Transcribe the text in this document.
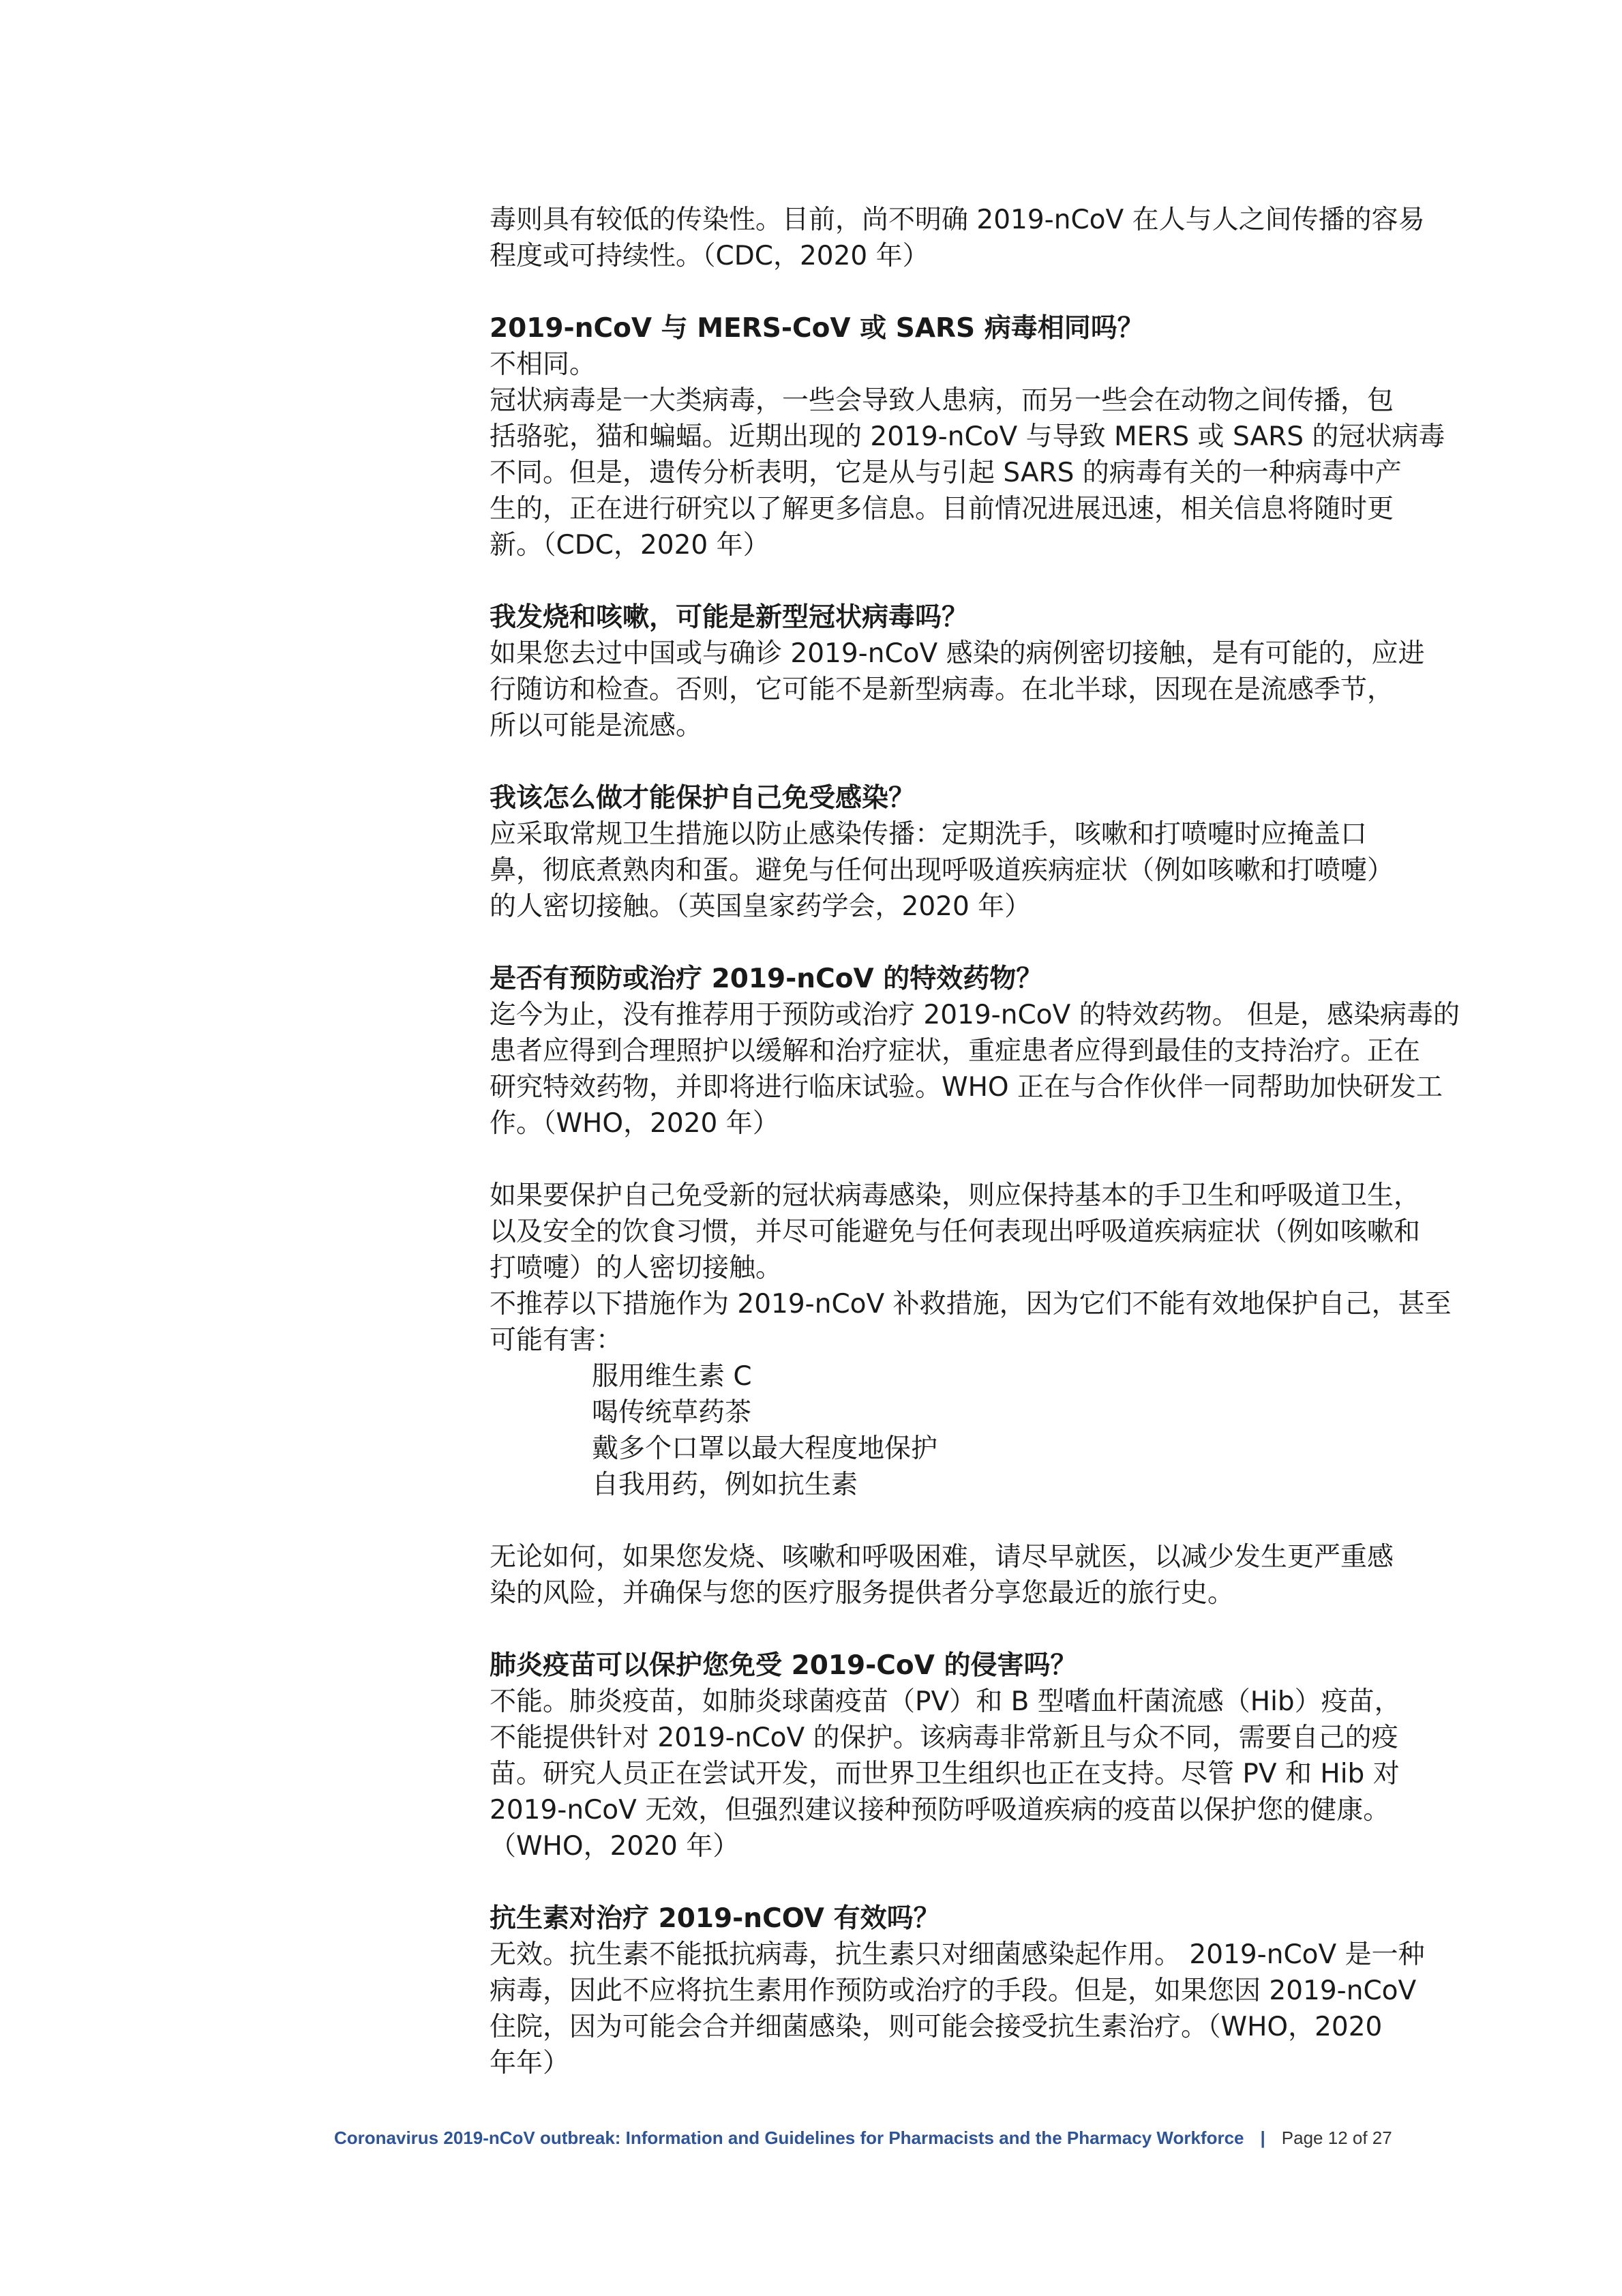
毒则具有较低的传染性。目前，尚不明确 2019-nCoV 在人与人之间传播的容易
程度或可持续性。（CDC，2020 年）
2019-nCoV 与 MERS-CoV 或 SARS 病毒相同吗？
不相同。
冠状病毒是一大类病毒，一些会导致人患病，而另一些会在动物之间传播，包
括骆驼，猫和蝙蝠。近期出现的 2019-nCoV 与导致 MERS 或 SARS 的冠状病毒
不同。但是，遗传分析表明，它是从与引起 SARS 的病毒有关的一种病毒中产
生的，正在进行研究以了解更多信息。目前情况进展迅速，相关信息将随时更
新。（CDC，2020 年）
我发烧和咳嗽，可能是新型冠状病毒吗？
如果您去过中国或与确诊 2019-nCoV 感染的病例密切接触，是有可能的，应进
行随访和检查。否则，它可能不是新型病毒。在北半球，因现在是流感季节，
所以可能是流感。
我该怎么做才能保护自己免受感染？
应采取常规卫生措施以防止感染传播：定期洗手，咳嗽和打喷嚏时应掩盖口
鼻，彻底煮熟肉和蛋。避免与任何出现呼吸道疾病症状（例如咳嗽和打喷嚏）
的人密切接触。（英国皇家药学会，2020 年）
是否有预防或治疗 2019-nCoV 的特效药物？
迄今为止，没有推荐用于预防或治疗 2019-nCoV 的特效药物。 但是，感染病毒的
患者应得到合理照护以缓解和治疗症状，重症患者应得到最佳的支持治疗。正在
研究特效药物，并即将进行临床试验。WHO 正在与合作伙伴一同帮助加快研发工
作。（WHO，2020 年）
如果要保护自己免受新的冠状病毒感染，则应保持基本的手卫生和呼吸道卫生，
以及安全的饮食习惯，并尽可能避免与任何表现出呼吸道疾病症状（例如咳嗽和
打喷嚏）的人密切接触。
不推荐以下措施作为 2019-nCoV 补救措施，因为它们不能有效地保护自己，甚至
可能有害：
服用维生素 C
喝传统草药茶
戴多个口罩以最大程度地保护
自我用药，例如抗生素
无论如何，如果您发烧、咳嗽和呼吸困难，请尽早就医，以减少发生更严重感
染的风险，并确保与您的医疗服务提供者分享您最近的旅行史。
肺炎疫苗可以保护您免受 2019-CoV 的侵害吗？
不能。肺炎疫苗，如肺炎球菌疫苗（PV）和 B 型嗜血杆菌流感（Hib）疫苗，
不能提供针对 2019-nCoV 的保护。该病毒非常新且与众不同，需要自己的疫
苗。研究人员正在尝试开发，而世界卫生组织也正在支持。尽管 PV 和 Hib 对
2019-nCoV 无效，但强烈建议接种预防呼吸道疾病的疫苗以保护您的健康。
（WHO，2020 年）
抗生素对治疗 2019-nCOV 有效吗？
无效。抗生素不能抵抗病毒，抗生素只对细菌感染起作用。 2019-nCoV 是一种
病毒，因此不应将抗生素用作预防或治疗的手段。但是，如果您因 2019-nCoV
住院，因为可能会合并细菌感染，则可能会接受抗生素治疗。（WHO，2020
年年）
Coronavirus 2019-nCoV outbreak: Information and Guidelines for Pharmacists and the Pharmacy Workforce | Page 12 of 27
